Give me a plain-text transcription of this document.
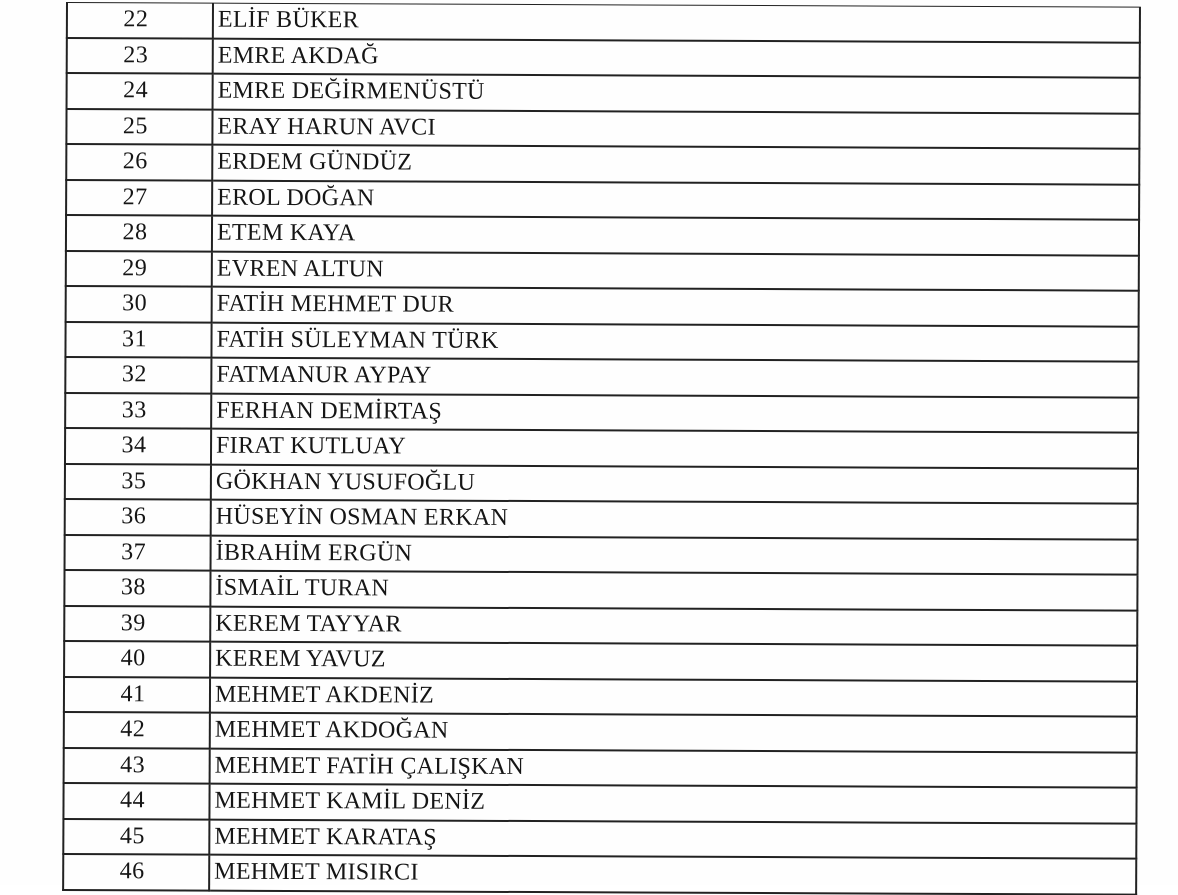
22	ELİF BÜKER
23	EMRE AKDAĞ
24	EMRE DEĞİRMENÜSTÜ
25	ERAY HARUN AVCI
26	ERDEM GÜNDÜZ
27	EROL DOĞAN
28	ETEM KAYA
29	EVREN ALTUN
30	FATİH MEHMET DUR
31	FATİH SÜLEYMAN TÜRK
32	FATMANUR AYPAY
33	FERHAN DEMİRTAŞ
34	FIRAT KUTLUAY
35	GÖKHAN YUSUFOĞLU
36	HÜSEYİN OSMAN ERKAN
37	İBRAHİM ERGÜN
38	İSMAİL TURAN
39	KEREM TAYYAR
40	KEREM YAVUZ
41	MEHMET AKDENİZ
42	MEHMET AKDOĞAN
43	MEHMET FATİH ÇALIŞKAN
44	MEHMET KAMİL DENİZ
45	MEHMET KARATAŞ
46	MEHMET MISIRCI
